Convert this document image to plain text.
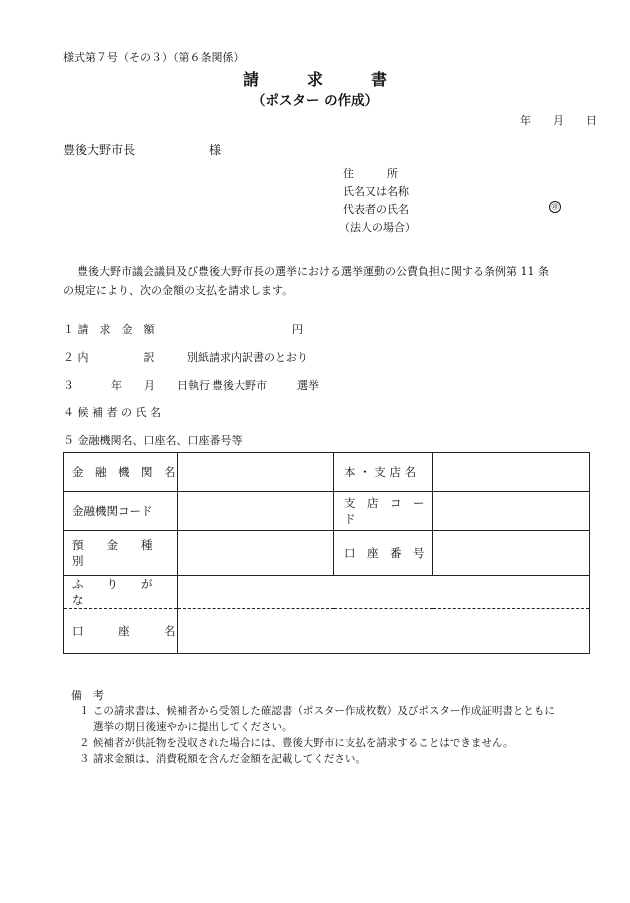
様式第７号（その３）（第６条関係）
請　　　求　　　書
（ポスター の作成）
年　　月　　日
豊後大野市長	様
住　　　所
氏名又は名称
代表者の氏名	㊞
（法人の場合）
豊後大野市議会議員及び豊後大野市長の選挙における選挙運動の公費負担に関する条例第 11 条
の規定により、次の金額の支払を請求します。
１ 請　求　金　額	円
２ 内　　　　　訳	別紙請求内訳書のとおり
３	年　　月　　日執行 豊後大野市	選挙
４ 候 補 者 の 氏 名
５ 金融機関名、口座名、口座番号等
金　融　機　関　名		本 ・ 支 店 名	
金融機関コード		支　店　コ　ー　ド	
預　　金　　種　　別		口　座　番　号	
ふ　　り　　が　　な			
口　　　座　　　名			
備　考
１ この請求書は、候補者から受領した確認書（ポスター作成枚数）及びポスター作成証明書とともに
選挙の期日後速やかに提出してください。
２ 候補者が供託物を没収された場合には、豊後大野市に支払を請求することはできません。
３ 請求金額は、消費税額を含んだ金額を記載してください。
